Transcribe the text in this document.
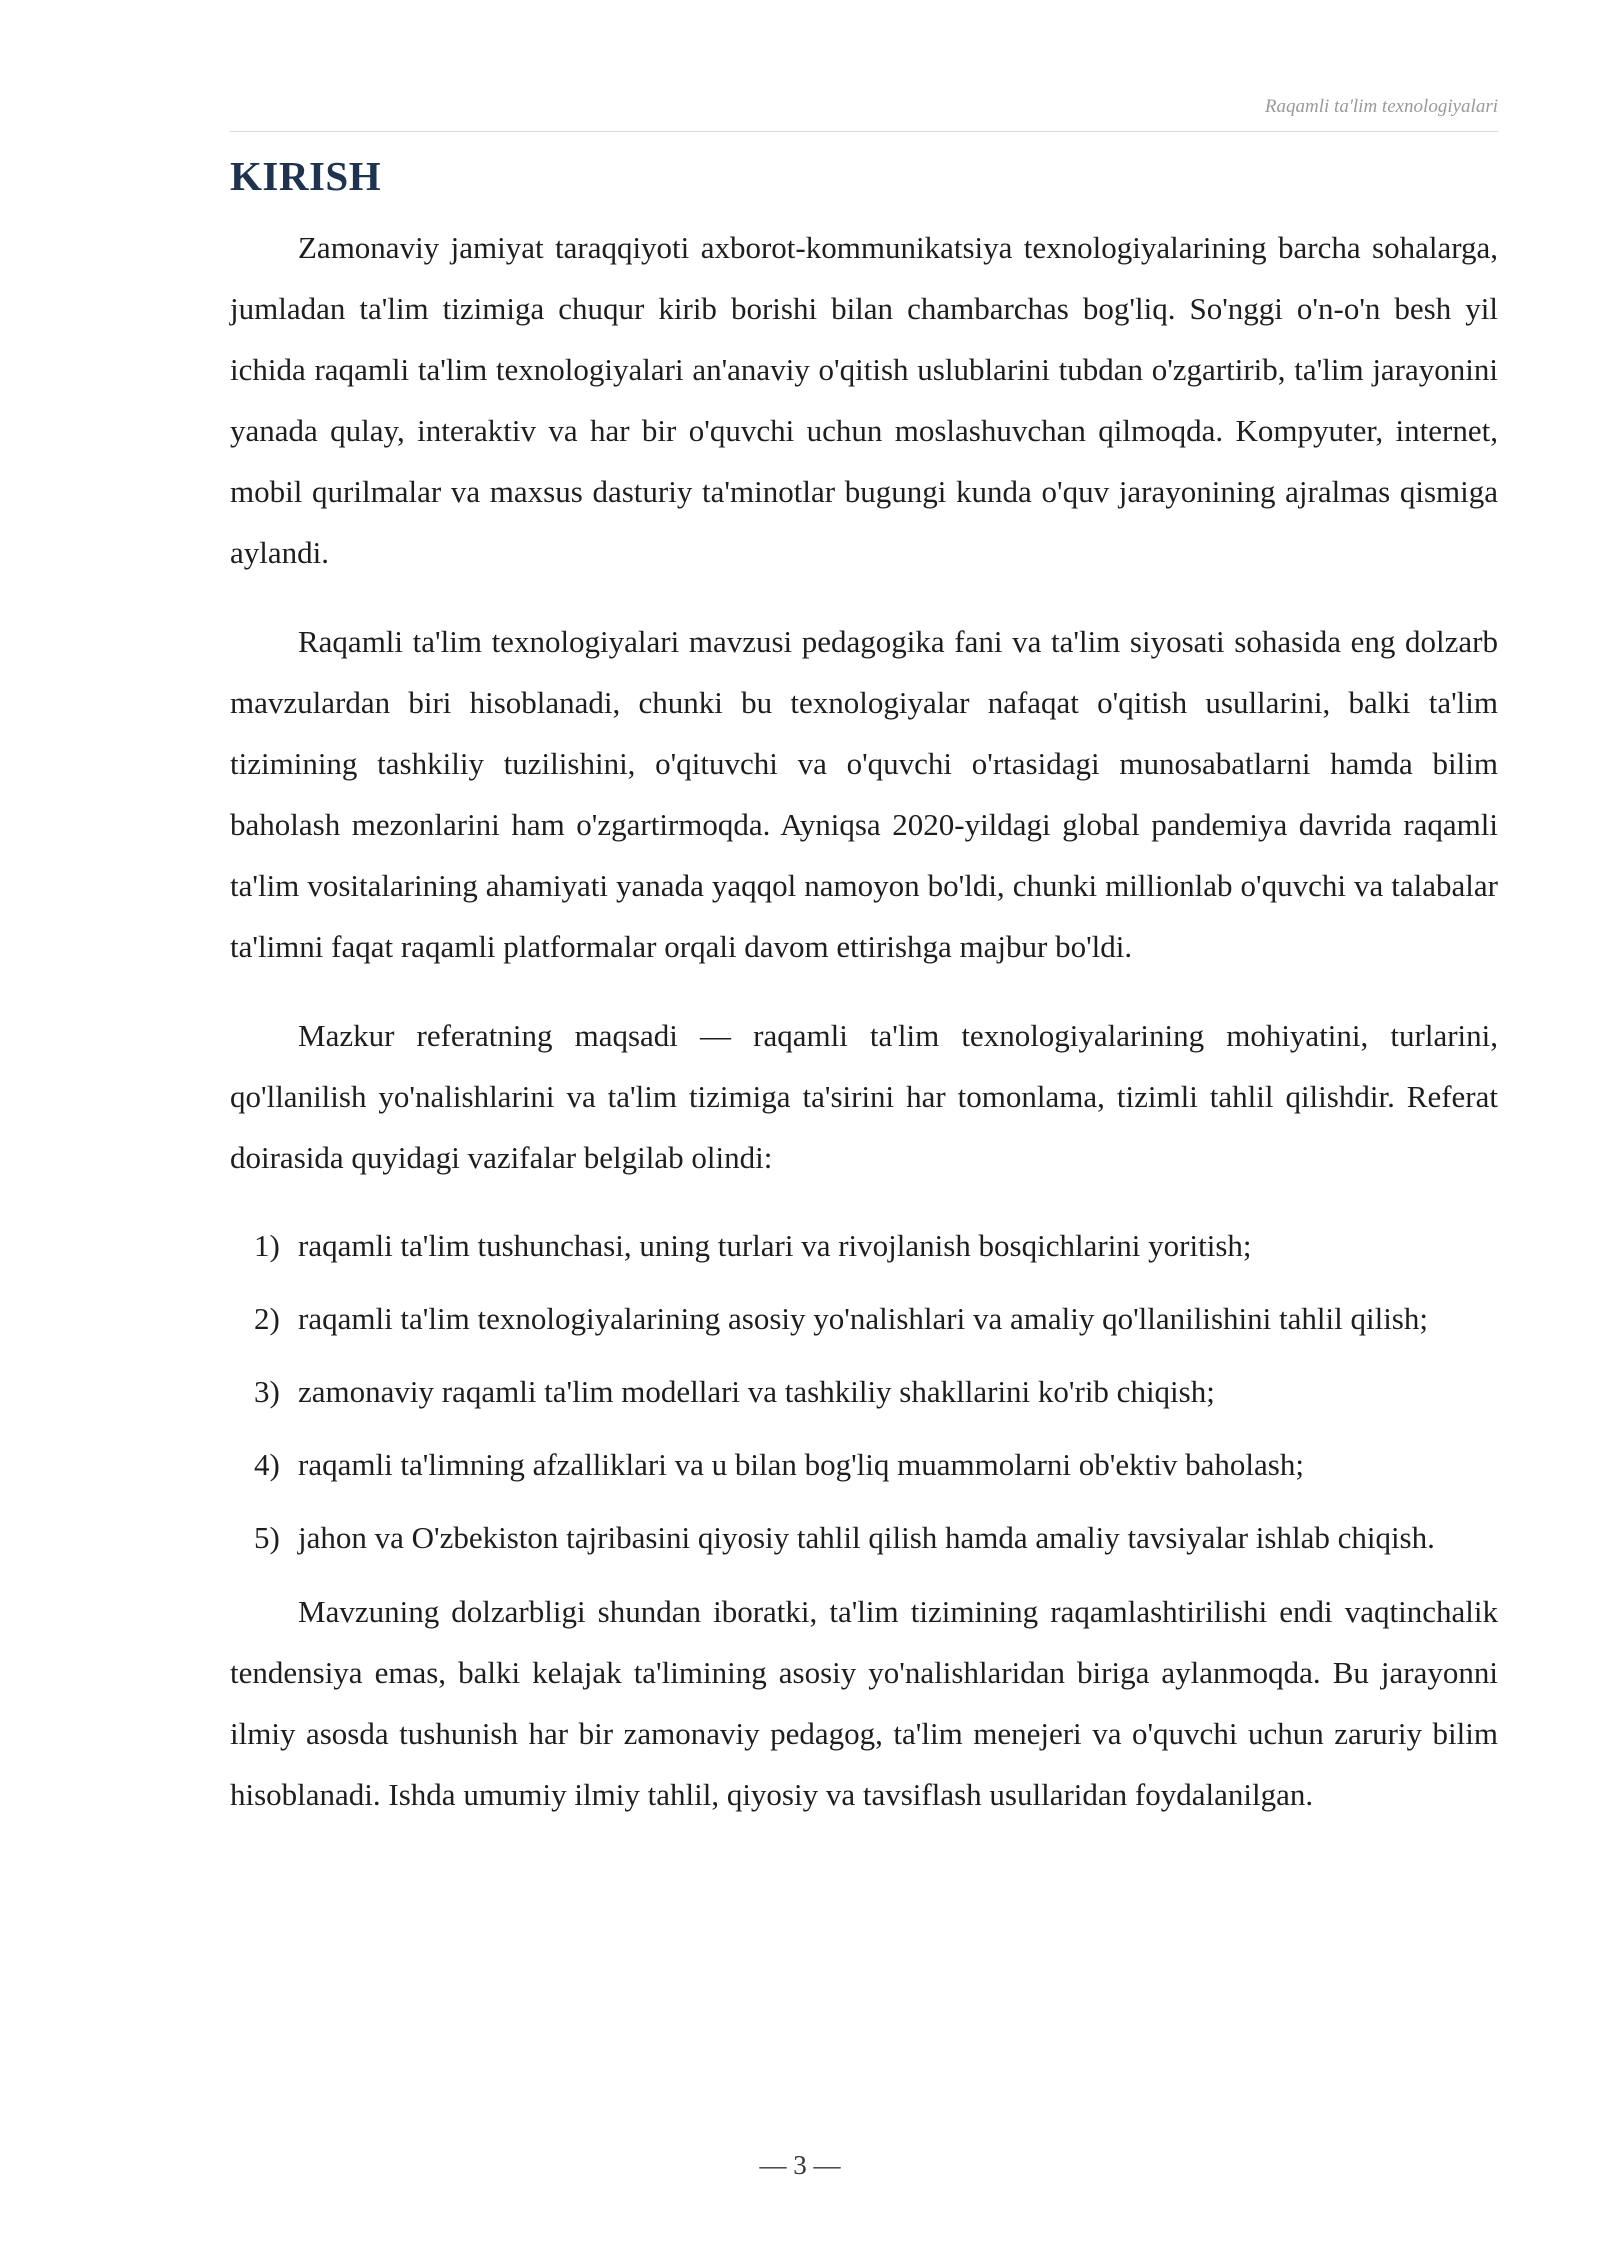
Raqamli ta'lim texnologiyalari
KIRISH

Zamonaviy jamiyat taraqqiyoti axborot-kommunikatsiya texnologiyalarining barcha sohalarga, jumladan ta'lim tizimiga chuqur kirib borishi bilan chambarchas bog'liq. So'nggi o'n-o'n besh yil ichida raqamli ta'lim texnologiyalari an'anaviy o'qitish uslublarini tubdan o'zgartirib, ta'lim jarayonini yanada qulay, interaktiv va har bir o'quvchi uchun moslashuvchan qilmoqda. Kompyuter, internet, mobil qurilmalar va maxsus dasturiy ta'minotlar bugungi kunda o'quv jarayonining ajralmas qismiga aylandi.

Raqamli ta'lim texnologiyalari mavzusi pedagogika fani va ta'lim siyosati sohasida eng dolzarb mavzulardan biri hisoblanadi, chunki bu texnologiyalar nafaqat o'qitish usullarini, balki ta'lim tizimining tashkiliy tuzilishini, o'qituvchi va o'quvchi o'rtasidagi munosabatlarni hamda bilim baholash mezonlarini ham o'zgartirmoqda. Ayniqsa 2020-yildagi global pandemiya davrida raqamli ta'lim vositalarining ahamiyati yanada yaqqol namoyon bo'ldi, chunki millionlab o'quvchi va talabalar ta'limni faqat raqamli platformalar orqali davom ettirishga majbur bo'ldi.

Mazkur referatning maqsadi — raqamli ta'lim texnologiyalarining mohiyatini, turlarini, qo'llanilish yo'nalishlarini va ta'lim tizimiga ta'sirini har tomonlama, tizimli tahlil qilishdir. Referat doirasida quyidagi vazifalar belgilab olindi:

1) raqamli ta'lim tushunchasi, uning turlari va rivojlanish bosqichlarini yoritish;
2) raqamli ta'lim texnologiyalarining asosiy yo'nalishlari va amaliy qo'llanilishini tahlil qilish;
3) zamonaviy raqamli ta'lim modellari va tashkiliy shakllarini ko'rib chiqish;
4) raqamli ta'limning afzalliklari va u bilan bog'liq muammolarni ob'ektiv baholash;
5) jahon va O'zbekiston tajribasini qiyosiy tahlil qilish hamda amaliy tavsiyalar ishlab chiqish.

Mavzuning dolzarbligi shundan iboratki, ta'lim tizimining raqamlashtirilishi endi vaqtinchalik tendensiya emas, balki kelajak ta'limining asosiy yo'nalishlaridan biriga aylanmoqda. Bu jarayonni ilmiy asosda tushunish har bir zamonaviy pedagog, ta'lim menejeri va o'quvchi uchun zaruriy bilim hisoblanadi. Ishda umumiy ilmiy tahlil, qiyosiy va tavsiflash usullaridan foydalanilgan.

— 3 —
